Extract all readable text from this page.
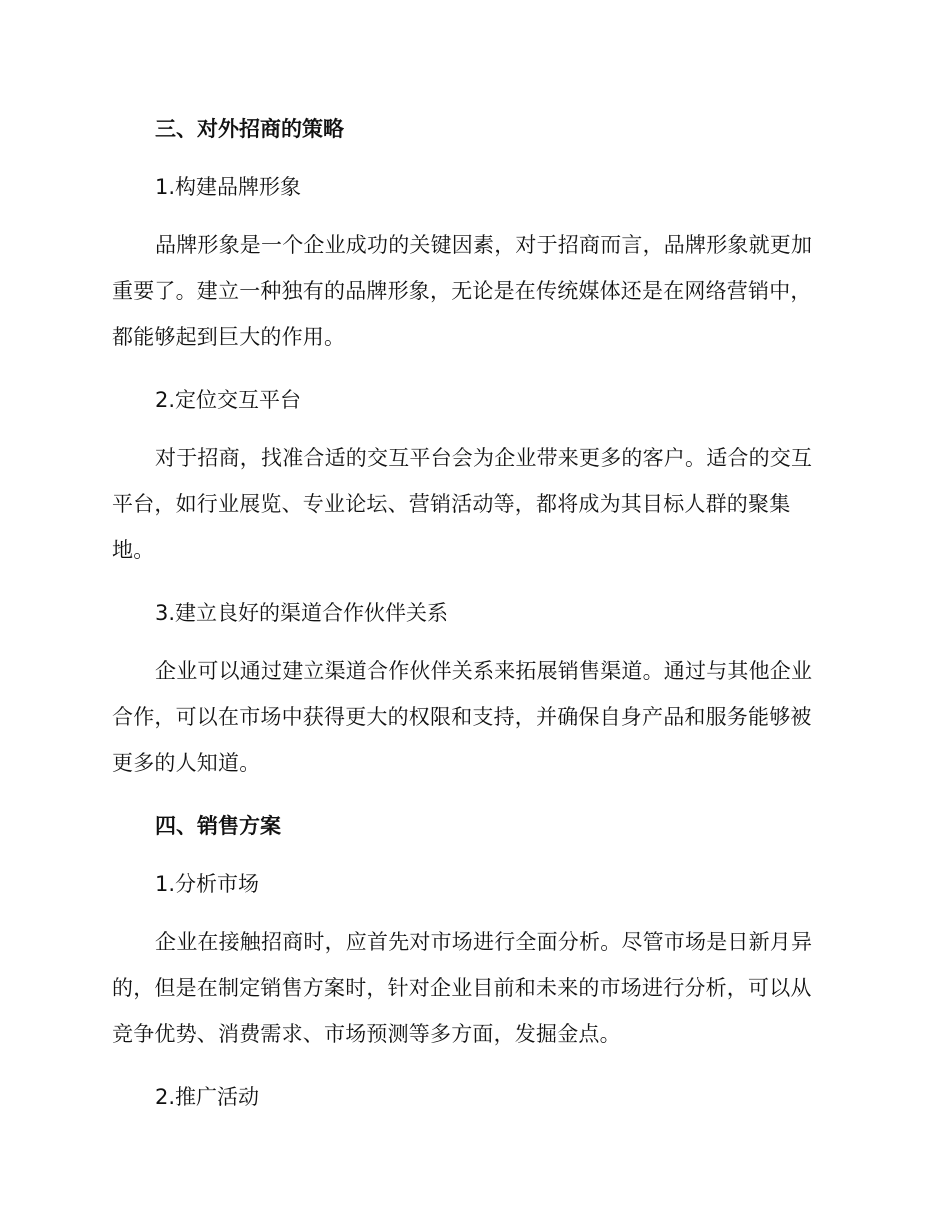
三、对外招商的策略

1.构建品牌形象

品牌形象是一个企业成功的关键因素，对于招商而言，品牌形象就更加重要了。建立一种独有的品牌形象，无论是在传统媒体还是在网络营销中，都能够起到巨大的作用。

2.定位交互平台

对于招商，找准合适的交互平台会为企业带来更多的客户。适合的交互平台，如行业展览、专业论坛、营销活动等，都将成为其目标人群的聚集地。

3.建立良好的渠道合作伙伴关系

企业可以通过建立渠道合作伙伴关系来拓展销售渠道。通过与其他企业合作，可以在市场中获得更大的权限和支持，并确保自身产品和服务能够被更多的人知道。

四、销售方案

1.分析市场

企业在接触招商时，应首先对市场进行全面分析。尽管市场是日新月异的，但是在制定销售方案时，针对企业目前和未来的市场进行分析，可以从竞争优势、消费需求、市场预测等多方面，发掘金点。

2.推广活动
